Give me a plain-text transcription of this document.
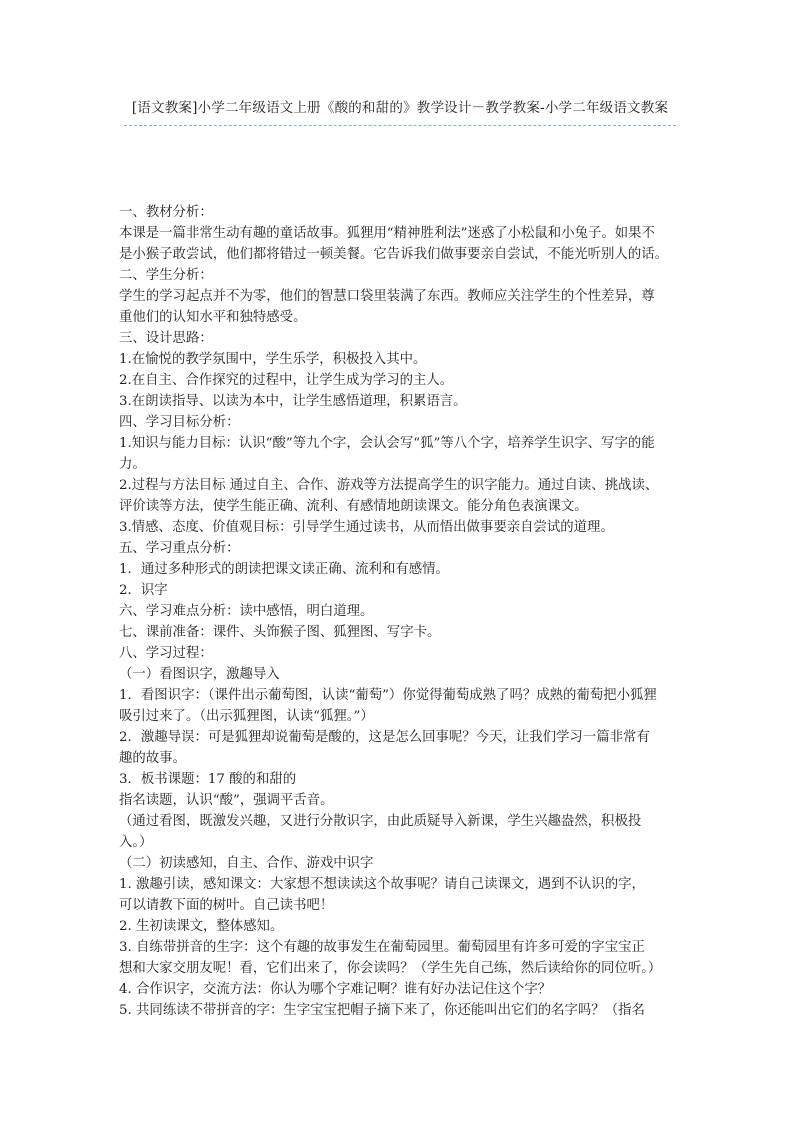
[语文教案]小学二年级语文上册《酸的和甜的》教学设计－教学教案-小学二年级语文教案
一、教材分析：
本课是一篇非常生动有趣的童话故事。狐狸用“精神胜利法”迷惑了小松鼠和小兔子。如果不
是小猴子敢尝试，他们都将错过一顿美餐。它告诉我们做事要亲自尝试，不能光听别人的话。
二、学生分析：
学生的学习起点并不为零，他们的智慧口袋里装满了东西。教师应关注学生的个性差异，尊
重他们的认知水平和独特感受。
三、设计思路：
1.在愉悦的教学氛围中，学生乐学，积极投入其中。
2.在自主、合作探究的过程中，让学生成为学习的主人。
3.在朗读指导、以读为本中，让学生感悟道理，积累语言。
四、学习目标分析：
1.知识与能力目标：认识“酸”等九个字，会认会写“狐”等八个字，培养学生识字、写字的能
力。
2.过程与方法目标 通过自主、合作、游戏等方法提高学生的识字能力。通过自读、挑战读、
评价读等方法，使学生能正确、流利、有感情地朗读课文。能分角色表演课文。
3.情感、态度、价值观目标：引导学生通过读书，从而悟出做事要亲自尝试的道理。
五、学习重点分析：
1．通过多种形式的朗读把课文读正确、流利和有感情。
2．识字
六、学习难点分析：读中感悟，明白道理。
七、课前准备：课件、头饰猴子图、狐狸图、写字卡。
八、学习过程：
（一）看图识字，激趣导入
1．看图识字：（课件出示葡萄图，认读“葡萄”）你觉得葡萄成熟了吗？成熟的葡萄把小狐狸
吸引过来了。（出示狐狸图，认读“狐狸。”）
2．激趣导误：可是狐狸却说葡萄是酸的，这是怎么回事呢？今天，让我们学习一篇非常有
趣的故事。
3．板书课题：17 酸的和甜的
指名读题，认识“酸”，强调平舌音。
（通过看图，既激发兴趣，又进行分散识字，由此质疑导入新课，学生兴趣盎然，积极投
入。）
（二）初读感知，自主、合作、游戏中识字
1. 激趣引读，感知课文：大家想不想读读这个故事呢？请自己读课文，遇到不认识的字，
可以请教下面的树叶。自己读书吧！
2. 生初读课文，整体感知。
3. 自练带拼音的生字：这个有趣的故事发生在葡萄园里。葡萄园里有许多可爱的字宝宝正
想和大家交朋友呢！看，它们出来了，你会读吗？（学生先自己练，然后读给你的同位听。）
4. 合作识字，交流方法：你认为哪个字难记啊？谁有好办法记住这个字？
5. 共同练读不带拼音的字：生字宝宝把帽子摘下来了，你还能叫出它们的名字吗？（指名
